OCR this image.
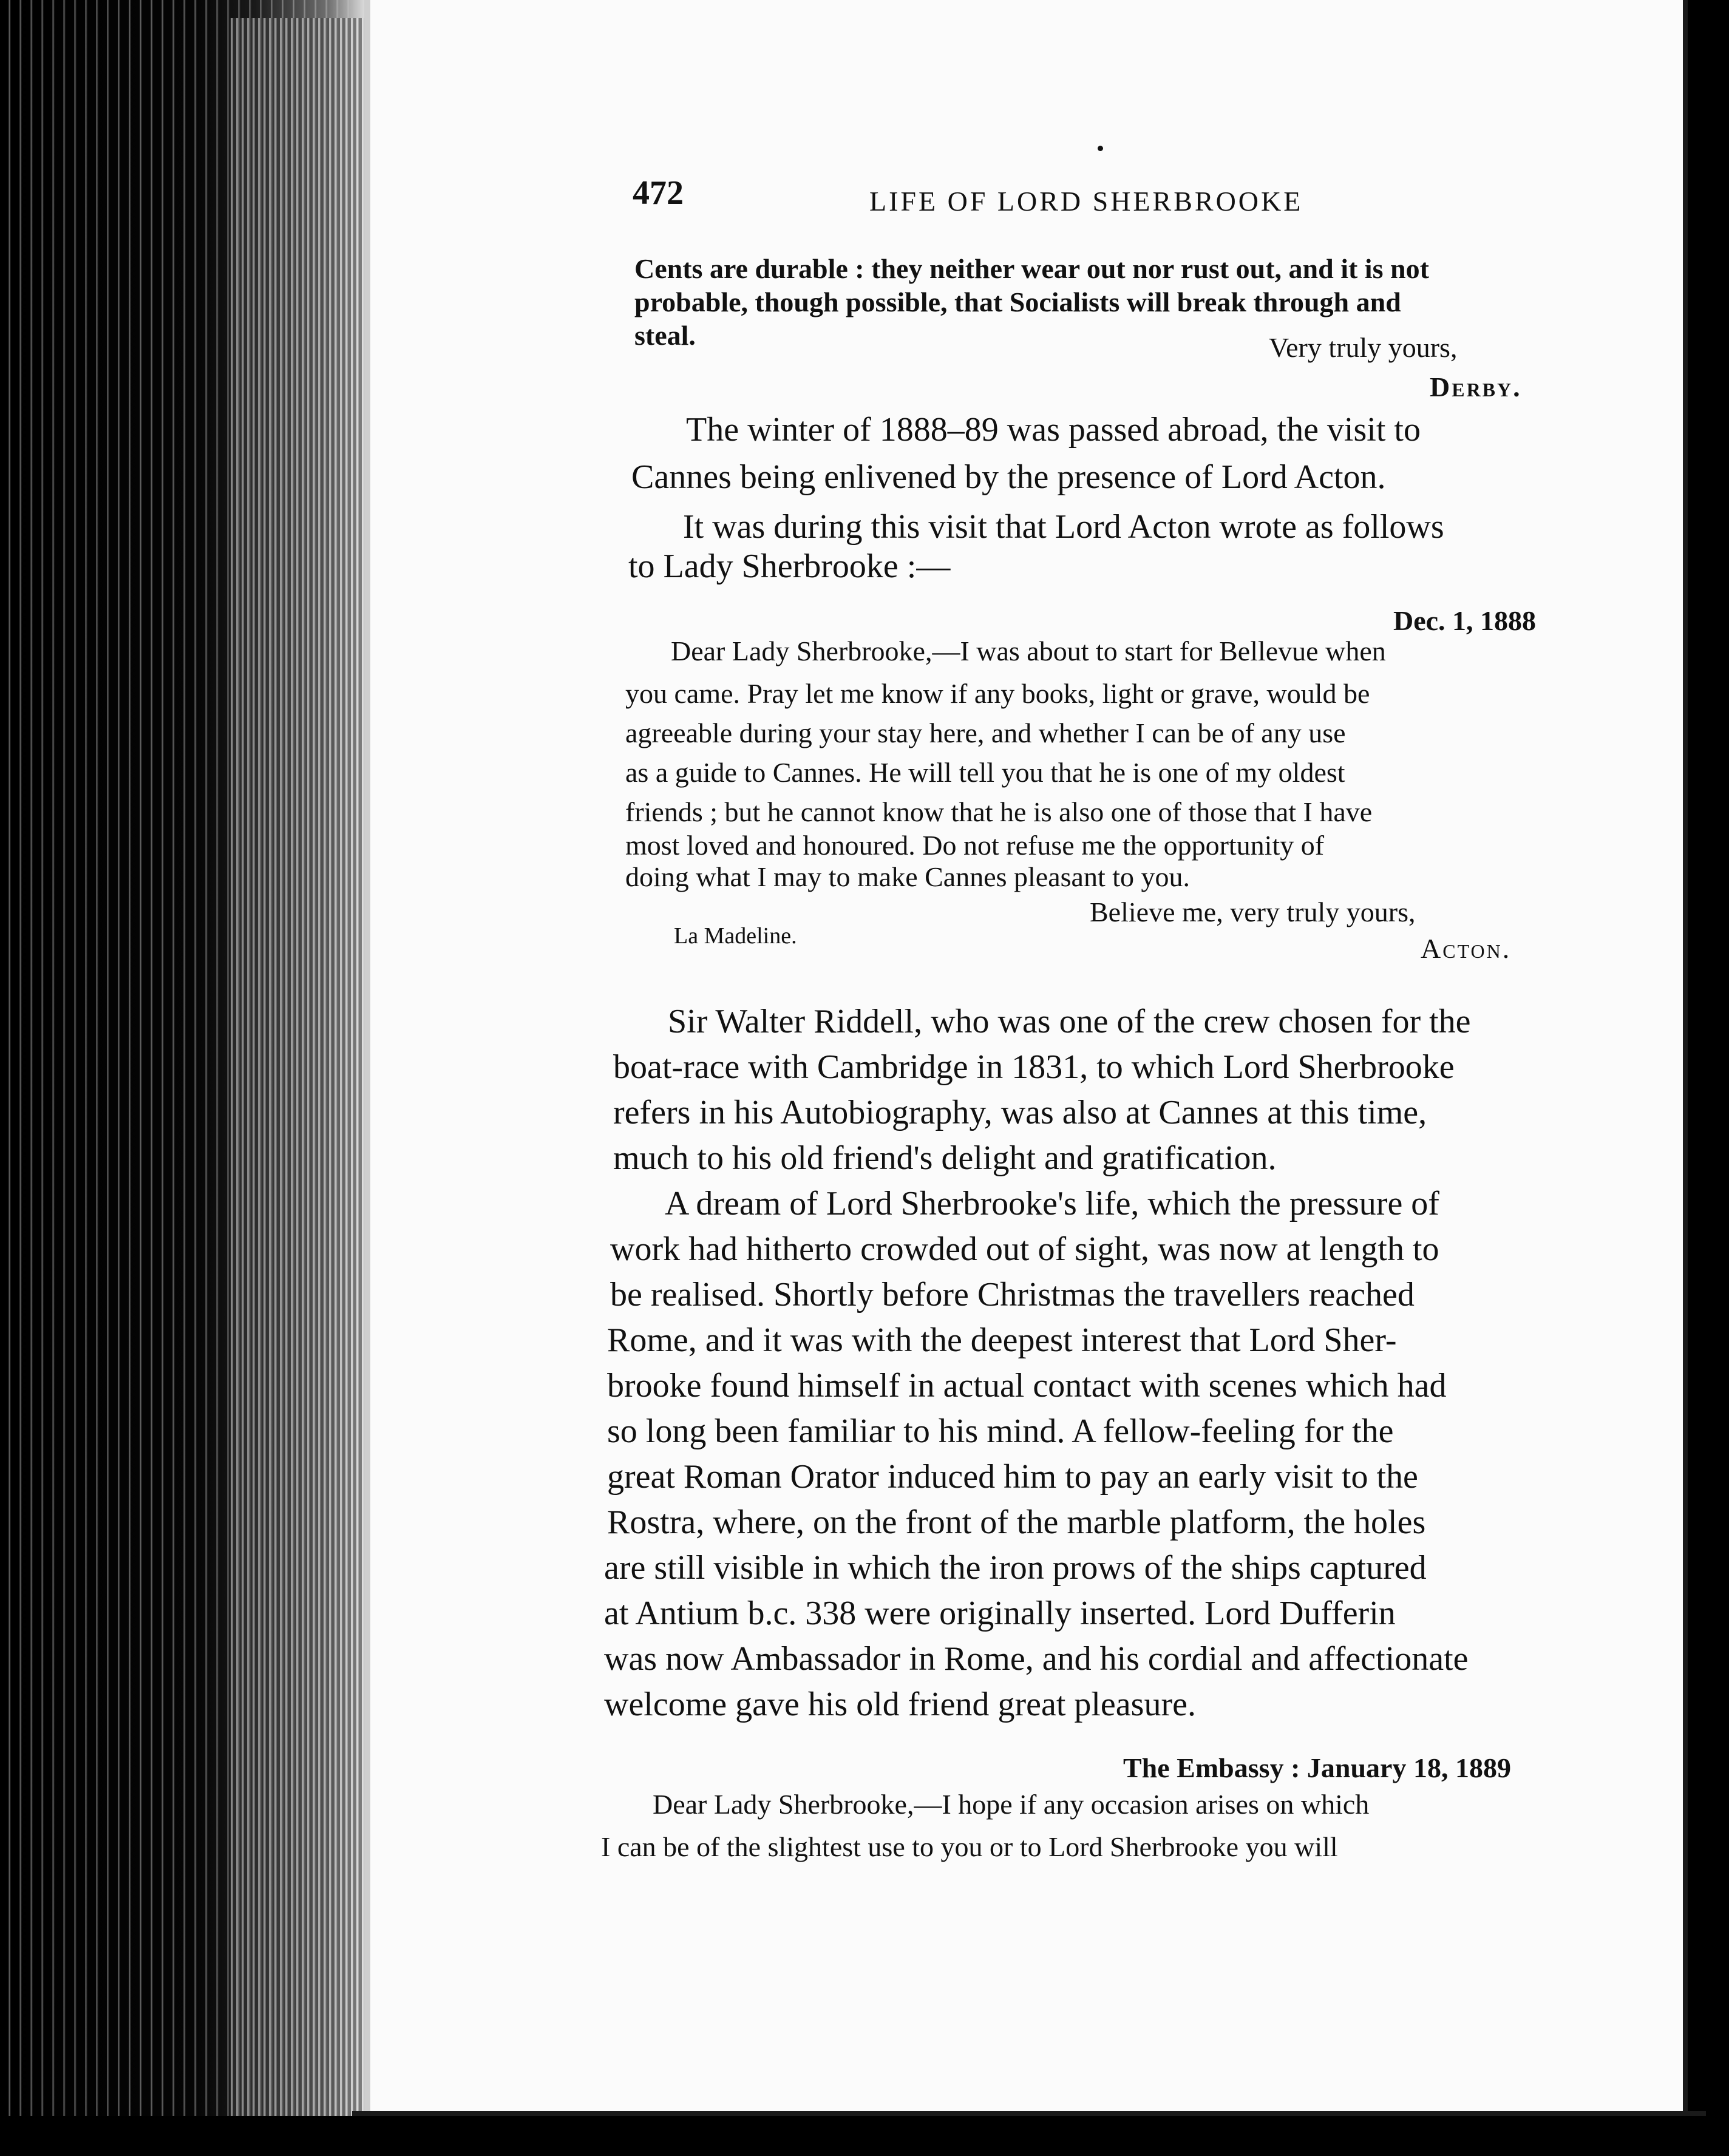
472	LIFE OF LORD SHERBROOKE
Cents are durable : they neither wear out nor rust out, and it is not
probable, though possible, that Socialists will break through and
steal.	Very truly yours,
Derby.
The winter of 1888–89 was passed abroad, the visit to
Cannes being enlivened by the presence of Lord Acton.
It was during this visit that Lord Acton wrote as follows
to Lady Sherbrooke :—
Dec. 1, 1888
Dear Lady Sherbrooke,—I was about to start for Bellevue when
you came. Pray let me know if any books, light or grave, would be
agreeable during your stay here, and whether I can be of any use
as a guide to Cannes. He will tell you that he is one of my oldest
friends ; but he cannot know that he is also one of those that I have
most loved and honoured. Do not refuse me the opportunity of
doing what I may to make Cannes pleasant to you.
Believe me, very truly yours,
La Madeline.	Acton.
Sir Walter Riddell, who was one of the crew chosen for the
boat-race with Cambridge in 1831, to which Lord Sherbrooke
refers in his Autobiography, was also at Cannes at this time,
much to his old friend's delight and gratification.
A dream of Lord Sherbrooke's life, which the pressure of
work had hitherto crowded out of sight, was now at length to
be realised. Shortly before Christmas the travellers reached
Rome, and it was with the deepest interest that Lord Sher-
brooke found himself in actual contact with scenes which had
so long been familiar to his mind. A fellow-feeling for the
great Roman Orator induced him to pay an early visit to the
Rostra, where, on the front of the marble platform, the holes
are still visible in which the iron prows of the ships captured
at Antium b.c. 338 were originally inserted. Lord Dufferin
was now Ambassador in Rome, and his cordial and affectionate
welcome gave his old friend great pleasure.
The Embassy : January 18, 1889
Dear Lady Sherbrooke,—I hope if any occasion arises on which
I can be of the slightest use to you or to Lord Sherbrooke you will
